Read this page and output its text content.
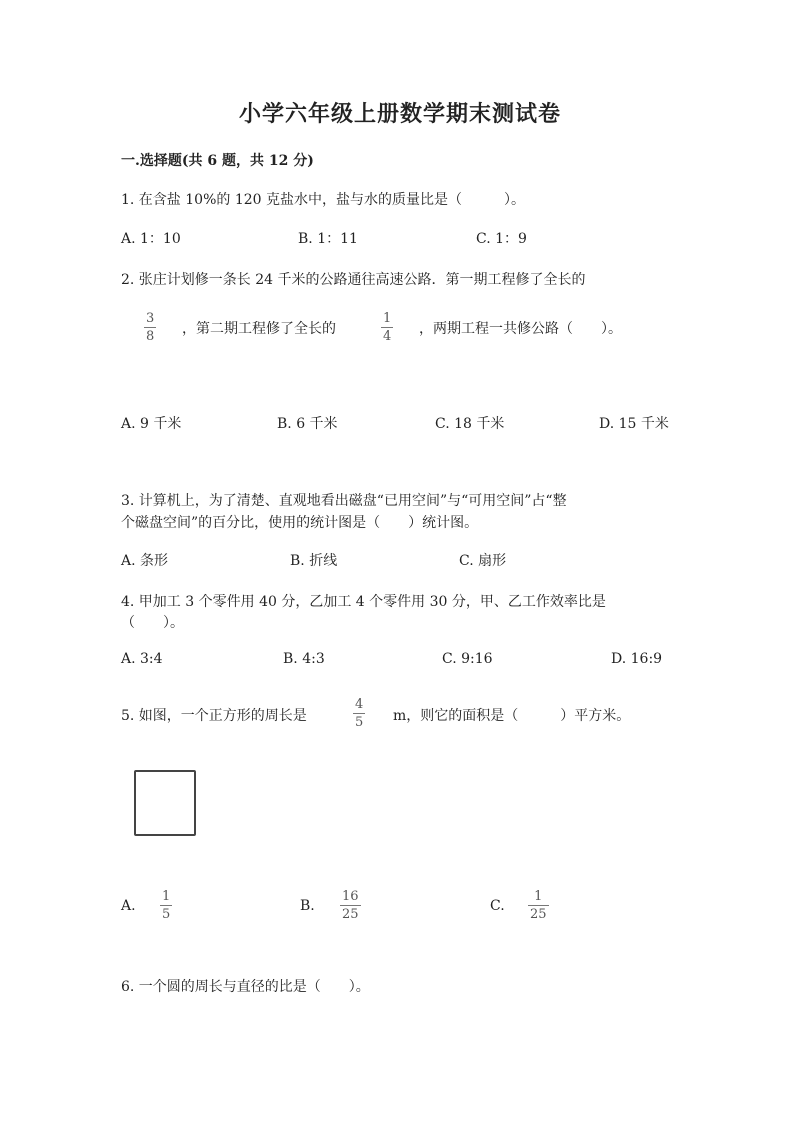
小学六年级上册数学期末测试卷
一.选择题(共 6 题，共 12 分)
1. 在含盐 10%的 120 克盐水中，盐与水的质量比是（　　　）。
A. 1：10	B. 1：11	C. 1：9
2. 张庄计划修一条长 24 千米的公路通往高速公路．第一期工程修了全长的
3
8 ，第二期工程修了全长的
1
4 ，两期工程一共修公路（　　）。
A. 9 千米	B. 6 千米	C. 18 千米	D. 15 千米
3. 计算机上，为了清楚、直观地看出磁盘“已用空间”与“可用空间”占“整
个磁盘空间”的百分比，使用的统计图是（　　）统计图。
A. 条形	B. 折线	C. 扇形
4. 甲加工 3 个零件用 40 分，乙加工 4 个零件用 30 分，甲、乙工作效率比是
（　　）。
A. 3:4	B. 4:3	C. 9:16	D. 16:9
5. 如图，一个正方形的周长是
4
5 m，则它的面积是（　　　）平方米。
A.
1
5
B.
16
25
C.
1
25
6. 一个圆的周长与直径的比是（　　）。
